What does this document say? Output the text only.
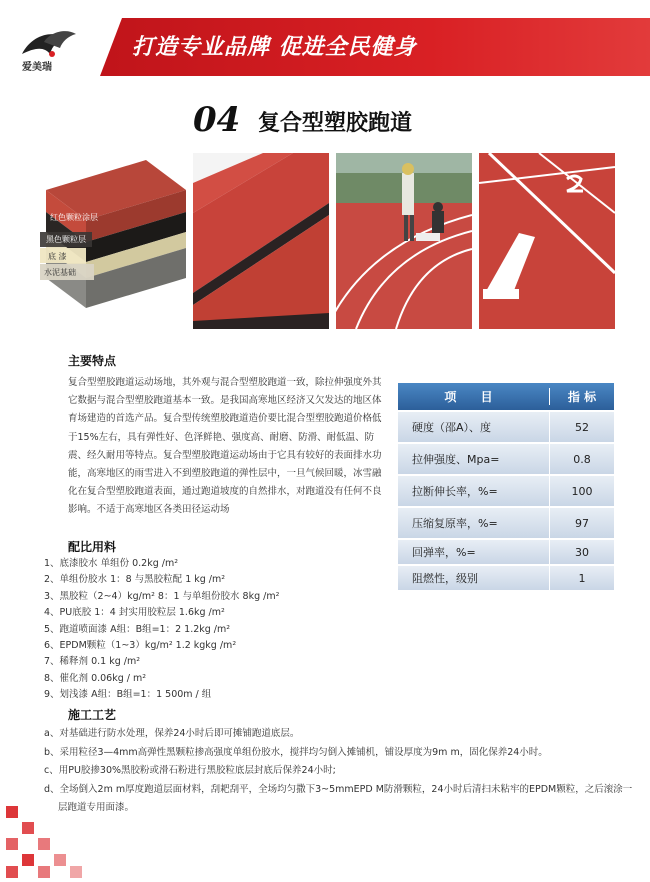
爱美瑞
打造专业品牌 促进全民健身
04 复合型塑胶跑道
红色颗粒涂层
黑色颗粒层
底 漆
水泥基础
主要特点
复合型塑胶跑道运动场地，其外观与混合型塑胶跑道一致，除拉伸强度外其它数据与混合型塑胶跑道基本一致。是我国高寒地区经济又欠发达的地区体育场建造的首选产品。复合型传统塑胶跑道造价要比混合型塑胶跑道价格低于15%左右，具有弹性好、色泽鲜艳、强度高、耐磨、防滑、耐低温、防震、经久耐用等特点。复合型塑胶跑道运动场由于它具有较好的表面排水功能，高寒地区的雨雪进入不到塑胶跑道的弹性层中，一旦气候回暖，冰雪融化在复合型塑胶跑道表面，通过跑道坡度的自然排水，对跑道没有任何不良影响。不适于高寒地区各类田径运动场
项 目	指 标
硬度（邵A）、度	52
拉伸强度、Mpa=	0.8
拉断伸长率，%=	100
压缩复原率，%=	97
回弹率，%=	30
阻燃性，级别	1
配比用料
1、底漆胶水 单组份 0.2kg /m²
2、单组份胶水 1：8 与黑胶粒配 1 kg /m²
3、黑胶粒（2~4）kg/m² 8：1 与单组份胶水 8kg /m²
4、PU底胶 1：4 封实用胶粒层 1.6kg /m²
5、跑道喷面漆 A组：B组=1：2 1.2kg /m²
6、EPDM颗粒（1~3）kg/m² 1.2 kgkg /m²
7、稀释剂 0.1 kg /m²
8、催化剂 0.06kg / m²
9、划浅漆 A组：B组=1：1 500m / 组
施工工艺
a、对基础进行防水处理，保养24小时后即可摊铺跑道底层。
b、采用粒径3—4mm高弹性黑颗粒掺高强度单组份胶水，搅拌均匀倒入摊铺机，铺设厚度为9m m，固化保养24小时。
c、用PU胶掺30%黑胶粉或滑石粉进行黑胶粒底层封底后保养24小时;
d、全场倒入2m m厚度跑道层面材料，刮耙刮平，全场均匀撒下3~5mmEPD M防滑颗粒，24小时后清扫未粘牢的EPDM颗粒，之后滚涂一层跑道专用面漆。
